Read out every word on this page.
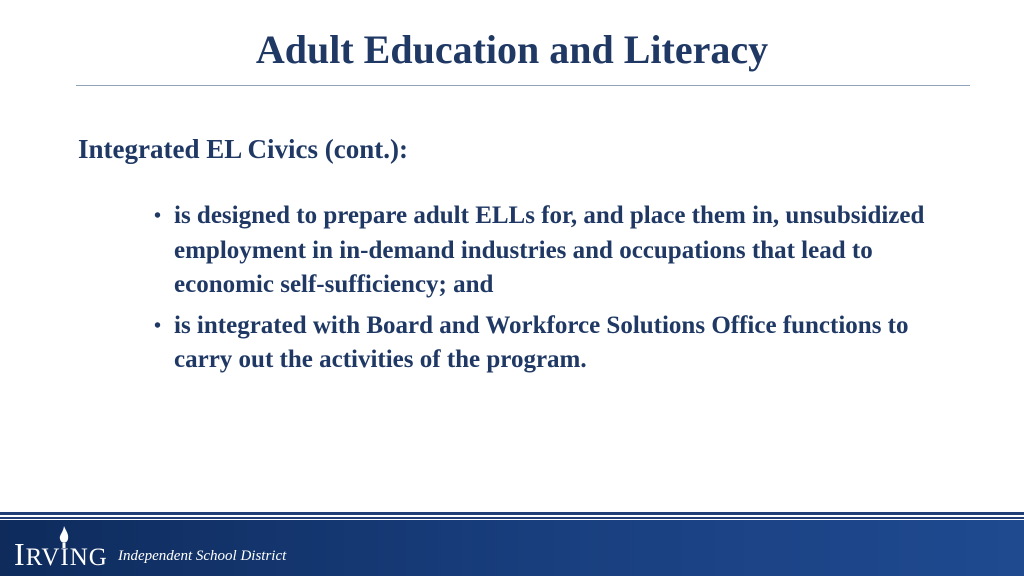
Adult Education and Literacy
Integrated EL Civics (cont.):
• is designed to prepare adult ELLs for, and place them in, unsubsidized employment in in-demand industries and occupations that lead to economic self-sufficiency; and
• is integrated with Board and Workforce Solutions Office functions to carry out the activities of the program.
IRVING Independent School District
